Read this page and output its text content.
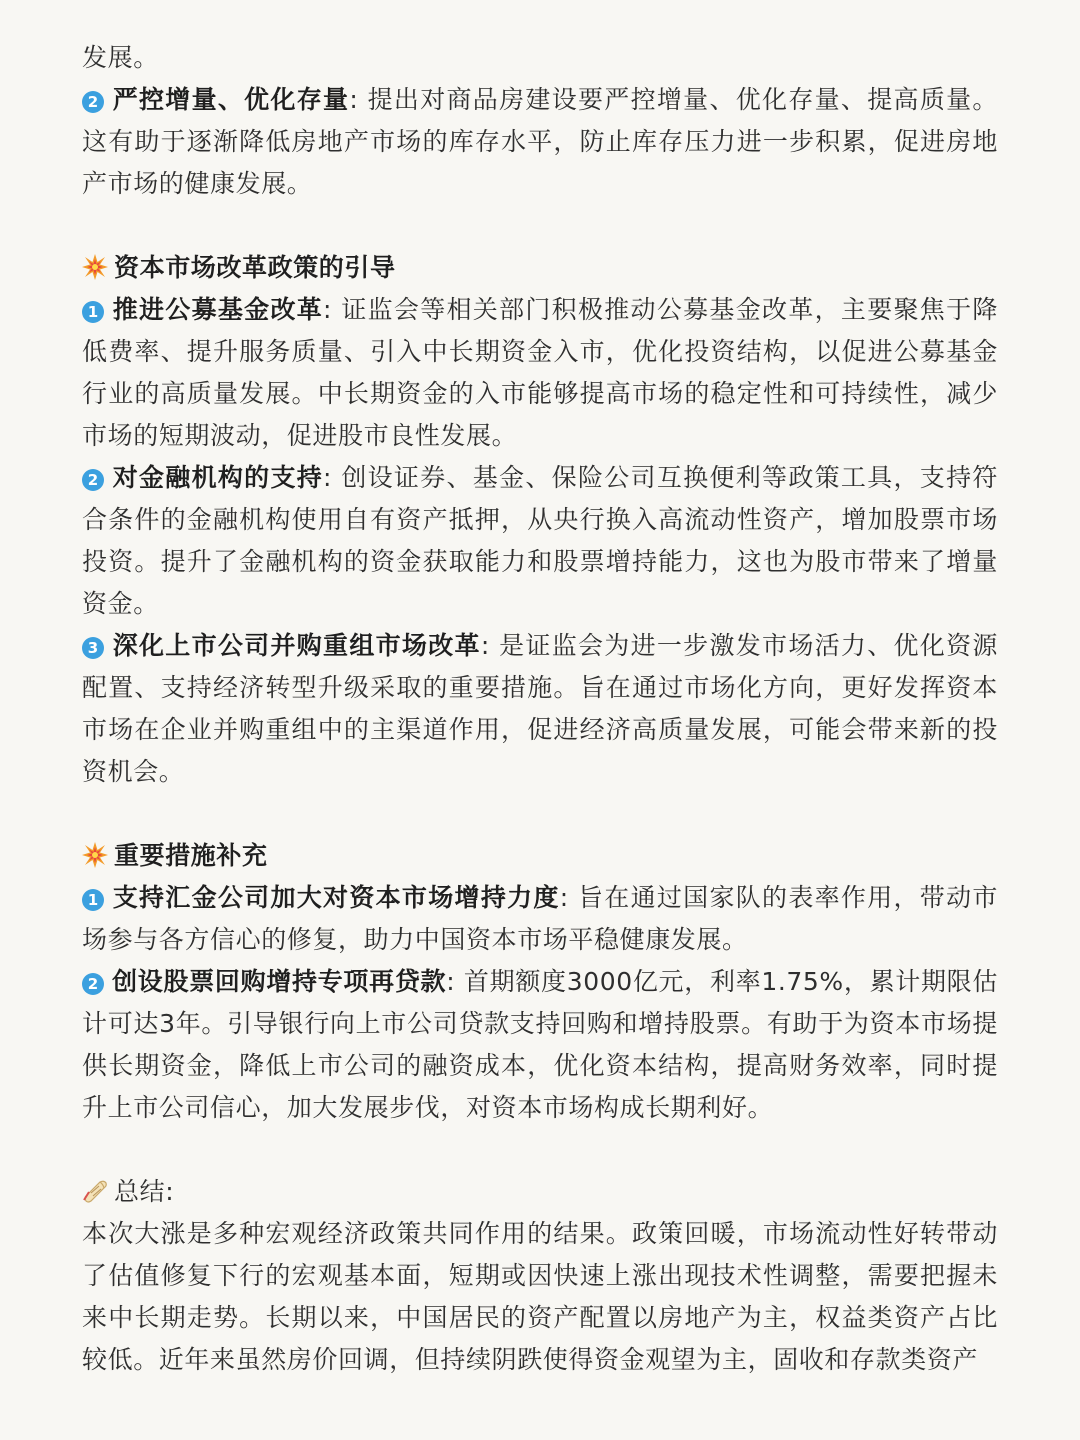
发展。

2 严控增量、优化存量: 提出对商品房建设要严控增量、优化存量、提高质量。这有助于逐渐降低房地产市场的库存水平，防止库存压力进一步积累，促进房地产市场的健康发展。

资本市场改革政策的引导

1 推进公募基金改革: 证监会等相关部门积极推动公募基金改革，主要聚焦于降低费率、提升服务质量、引入中长期资金入市，优化投资结构，以促进公募基金行业的高质量发展。中长期资金的入市能够提高市场的稳定性和可持续性，减少市场的短期波动，促进股市良性发展。

2 对金融机构的支持: 创设证券、基金、保险公司互换便利等政策工具，支持符合条件的金融机构使用自有资产抵押，从央行换入高流动性资产，增加股票市场投资。提升了金融机构的资金获取能力和股票增持能力，这也为股市带来了增量资金。

3 深化上市公司并购重组市场改革: 是证监会为进一步激发市场活力、优化资源配置、支持经济转型升级采取的重要措施。旨在通过市场化方向，更好发挥资本市场在企业并购重组中的主渠道作用，促进经济高质量发展，可能会带来新的投资机会。

重要措施补充

1 支持汇金公司加大对资本市场增持力度: 旨在通过国家队的表率作用，带动市场参与各方信心的修复，助力中国资本市场平稳健康发展。

2 创设股票回购增持专项再贷款: 首期额度3000亿元，利率1.75%，累计期限估计可达3年。引导银行向上市公司贷款支持回购和增持股票。有助于为资本市场提供长期资金，降低上市公司的融资成本，优化资本结构，提高财务效率，同时提升上市公司信心，加大发展步伐，对资本市场构成长期利好。

总结:

本次大涨是多种宏观经济政策共同作用的结果。政策回暖，市场流动性好转带动了估值修复下行的宏观基本面，短期或因快速上涨出现技术性调整，需要把握未来中长期走势。长期以来，中国居民的资产配置以房地产为主，权益类资产占比较低。近年来虽然房价回调，但持续阴跌使得资金观望为主，固收和存款类资产
